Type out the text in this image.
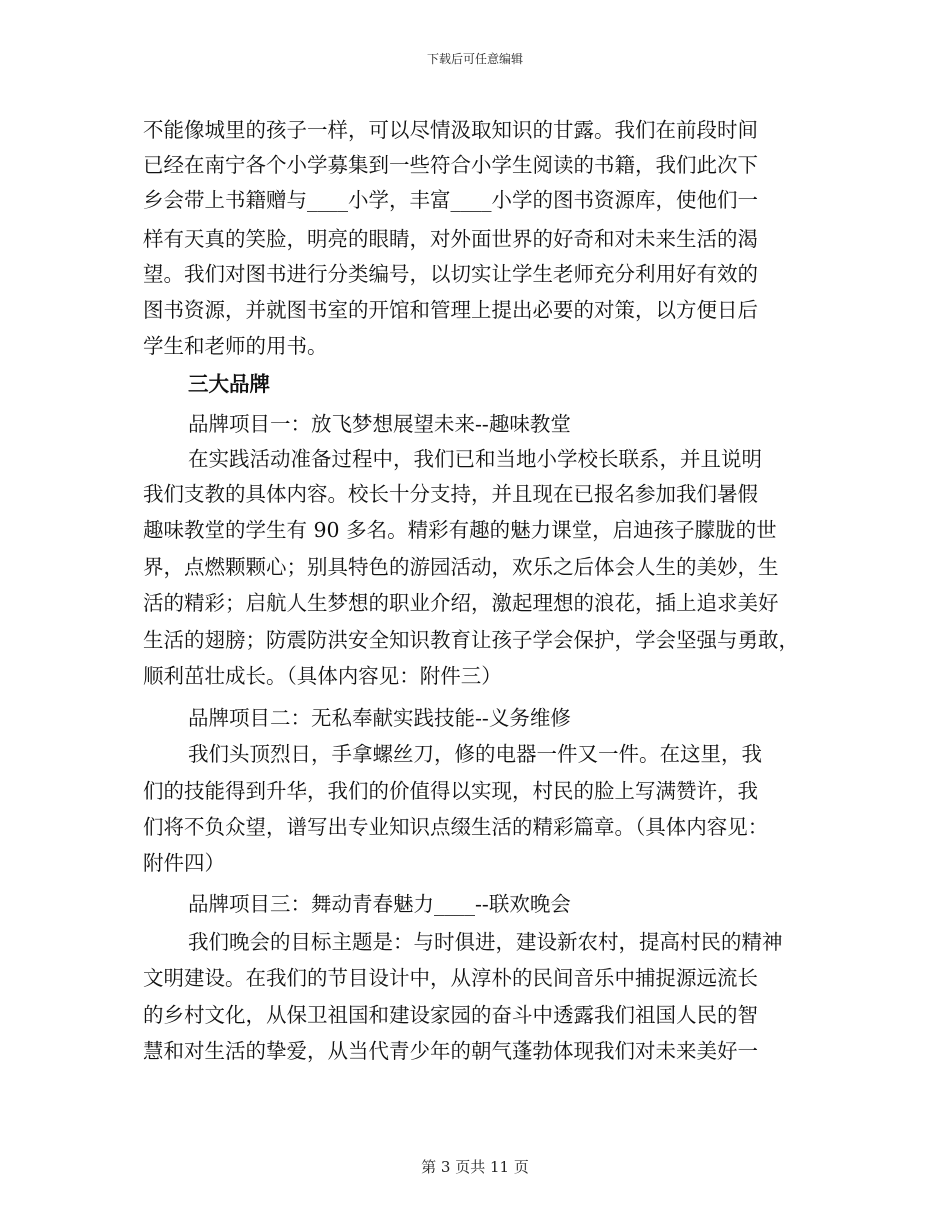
下载后可任意编辑
不能像城里的孩子一样，可以尽情汲取知识的甘露。我们在前段时间
已经在南宁各个小学募集到一些符合小学生阅读的书籍，我们此次下
乡会带上书籍赠与____小学，丰富____小学的图书资源库，使他们一
样有天真的笑脸，明亮的眼睛，对外面世界的好奇和对未来生活的渴
望。我们对图书进行分类编号，以切实让学生老师充分利用好有效的
图书资源，并就图书室的开馆和管理上提出必要的对策，以方便日后
学生和老师的用书。
三大品牌
品牌项目一：放飞梦想展望未来--趣味教堂
在实践活动准备过程中，我们已和当地小学校长联系，并且说明
我们支教的具体内容。校长十分支持，并且现在已报名参加我们暑假
趣味教堂的学生有 90 多名。精彩有趣的魅力课堂，启迪孩子朦胧的世
界，点燃颗颗心；别具特色的游园活动，欢乐之后体会人生的美妙，生
活的精彩；启航人生梦想的职业介绍，激起理想的浪花，插上追求美好
生活的翅膀；防震防洪安全知识教育让孩子学会保护，学会坚强与勇敢，
顺利茁壮成长。（具体内容见：附件三）
品牌项目二：无私奉献实践技能--义务维修
我们头顶烈日，手拿螺丝刀，修的电器一件又一件。在这里，我
们的技能得到升华，我们的价值得以实现，村民的脸上写满赞许，我
们将不负众望，谱写出专业知识点缀生活的精彩篇章。（具体内容见：
附件四）
品牌项目三：舞动青春魅力____--联欢晚会
我们晚会的目标主题是：与时俱进，建设新农村，提高村民的精神
文明建设。在我们的节目设计中，从淳朴的民间音乐中捕捉源远流长
的乡村文化，从保卫祖国和建设家园的奋斗中透露我们祖国人民的智
慧和对生活的挚爱，从当代青少年的朝气蓬勃体现我们对未来美好一
第 3 页共 11 页
